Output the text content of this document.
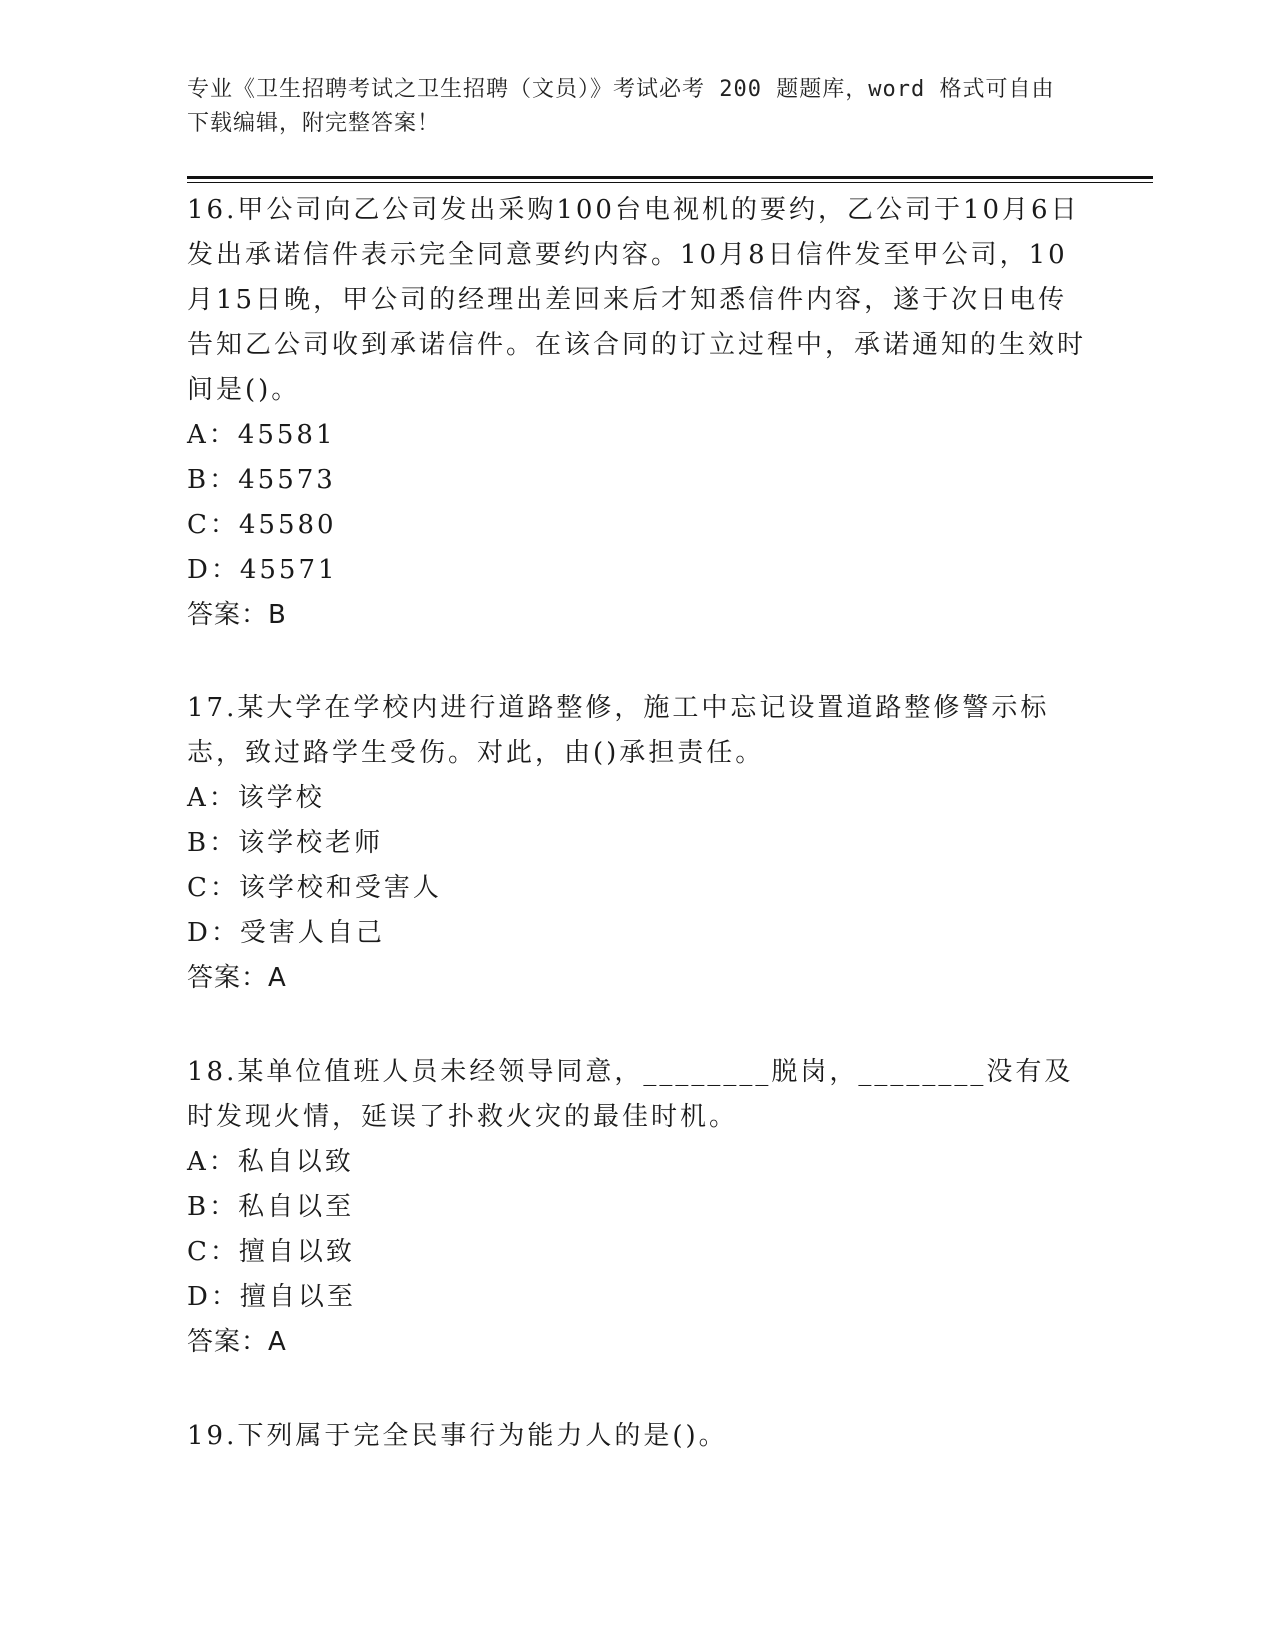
专业《卫生招聘考试之卫生招聘（文员）》考试必考 200 题题库，word 格式可自由下载编辑，附完整答案！

16.甲公司向乙公司发出采购100台电视机的要约，乙公司于10月6日发出承诺信件表示完全同意要约内容。10月8日信件发至甲公司，10月15日晚，甲公司的经理出差回来后才知悉信件内容，遂于次日电传告知乙公司收到承诺信件。在该合同的订立过程中，承诺通知的生效时间是()。

A：45581

B：45573

C：45580

D：45571

答案：B

17.某大学在学校内进行道路整修，施工中忘记设置道路整修警示标志，致过路学生受伤。对此，由()承担责任。

A：该学校

B：该学校老师

C：该学校和受害人

D：受害人自己

答案：A

18.某单位值班人员未经领导同意，________脱岗，________没有及时发现火情，延误了扑救火灾的最佳时机。

A：私自以致

B：私自以至

C：擅自以致

D：擅自以至

答案：A

19.下列属于完全民事行为能力人的是()。
